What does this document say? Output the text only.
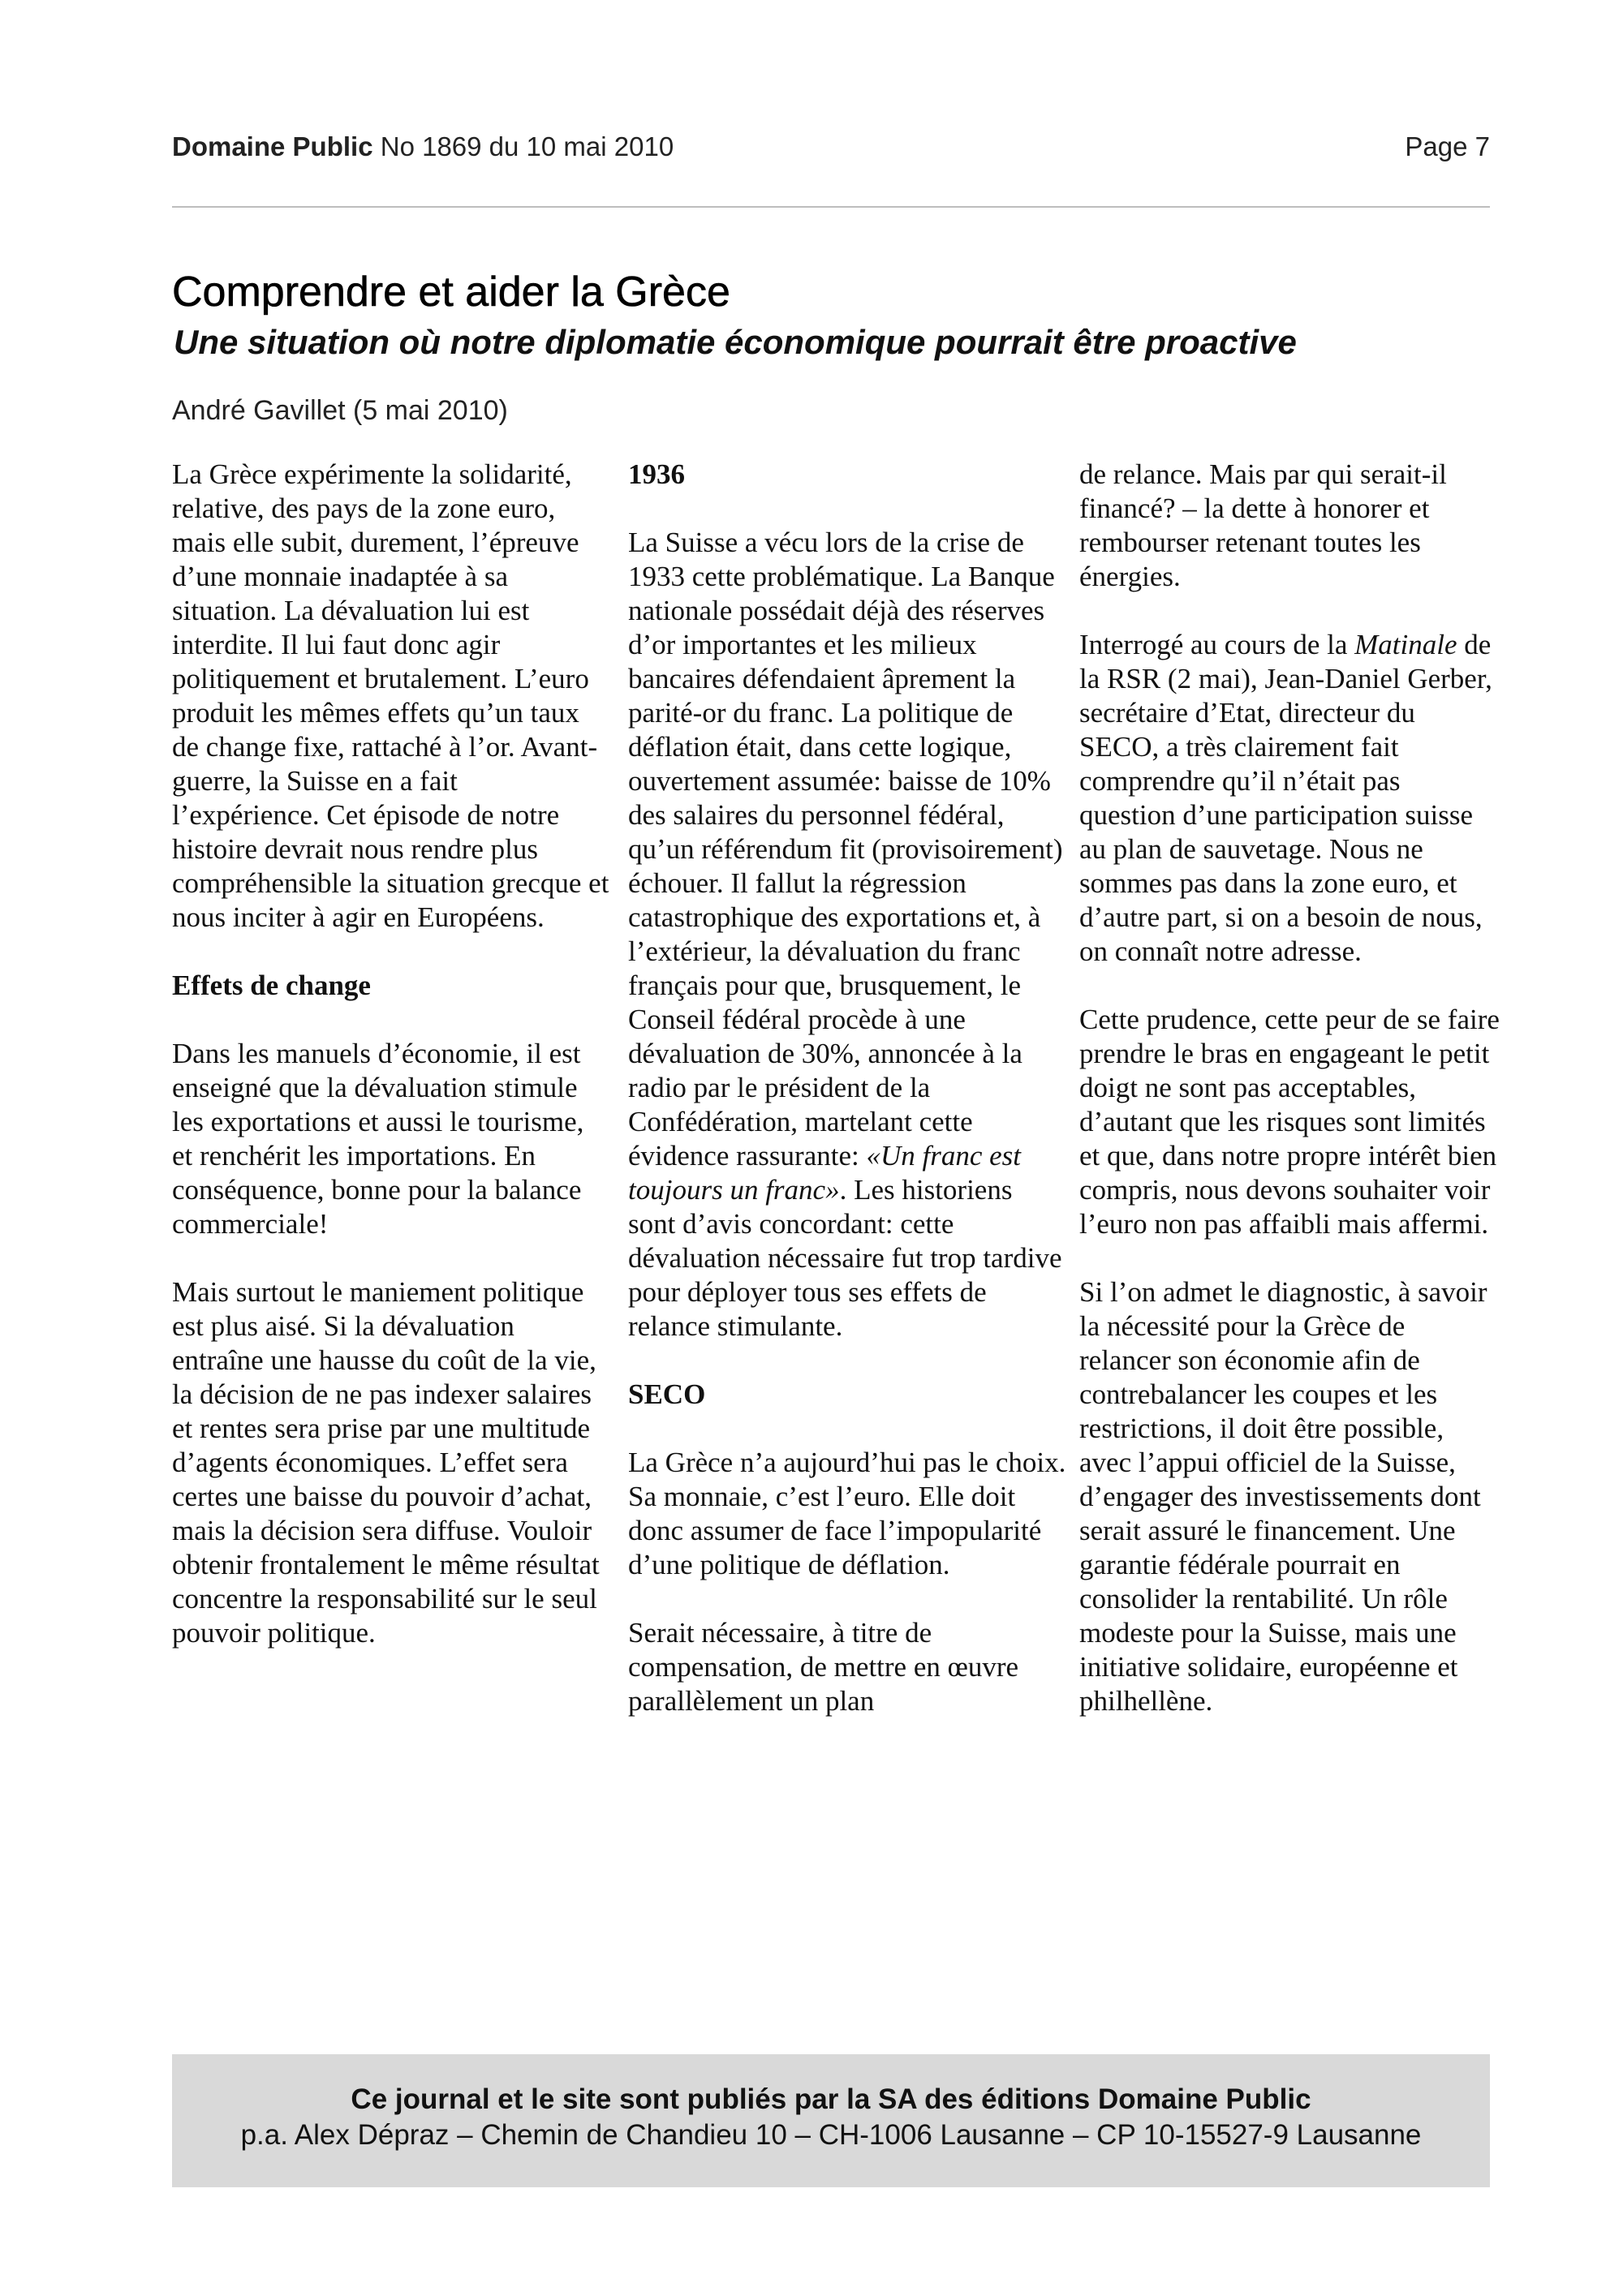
Domaine Public No 1869 du 10 mai 2010	Page 7
Comprendre et aider la Grèce
Une situation où notre diplomatie économique pourrait être proactive

André Gavillet (5 mai 2010)

La Grèce expérimente la solidarité, relative, des pays de la zone euro, mais elle subit, durement, l’épreuve d’une monnaie inadaptée à sa situation. La dévaluation lui est interdite. Il lui faut donc agir politiquement et brutalement. L’euro produit les mêmes effets qu’un taux de change fixe, rattaché à l’or. Avant-guerre, la Suisse en a fait l’expérience. Cet épisode de notre histoire devrait nous rendre plus compréhensible la situation grecque et nous inciter à agir en Européens.

Effets de change

Dans les manuels d’économie, il est enseigné que la dévaluation stimule les exportations et aussi le tourisme, et renchérit les importations. En conséquence, bonne pour la balance commerciale!

Mais surtout le maniement politique est plus aisé. Si la dévaluation entraîne une hausse du coût de la vie, la décision de ne pas indexer salaires et rentes sera prise par une multitude d’agents économiques. L’effet sera certes une baisse du pouvoir d’achat, mais la décision sera diffuse. Vouloir obtenir frontalement le même résultat concentre la responsabilité sur le seul pouvoir politique.

1936

La Suisse a vécu lors de la crise de 1933 cette problématique. La Banque nationale possédait déjà des réserves d’or importantes et les milieux bancaires défendaient âprement la parité-or du franc. La politique de déflation était, dans cette logique, ouvertement assumée: baisse de 10% des salaires du personnel fédéral, qu’un référendum fit (provisoirement) échouer. Il fallut la régression catastrophique des exportations et, à l’extérieur, la dévaluation du franc français pour que, brusquement, le Conseil fédéral procède à une dévaluation de 30%, annoncée à la radio par le président de la Confédération, martelant cette évidence rassurante: «Un franc est toujours un franc». Les historiens sont d’avis concordant: cette dévaluation nécessaire fut trop tardive pour déployer tous ses effets de relance stimulante.

SECO

La Grèce n’a aujourd’hui pas le choix. Sa monnaie, c’est l’euro. Elle doit donc assumer de face l’impopularité d’une politique de déflation.

Serait nécessaire, à titre de compensation, de mettre en œuvre parallèlement un plan

de relance. Mais par qui serait-il financé? – la dette à honorer et rembourser retenant toutes les énergies.

Interrogé au cours de la Matinale de la RSR (2 mai), Jean-Daniel Gerber, secrétaire d’Etat, directeur du SECO, a très clairement fait comprendre qu’il n’était pas question d’une participation suisse au plan de sauvetage. Nous ne sommes pas dans la zone euro, et d’autre part, si on a besoin de nous, on connaît notre adresse.

Cette prudence, cette peur de se faire prendre le bras en engageant le petit doigt ne sont pas acceptables, d’autant que les risques sont limités et que, dans notre propre intérêt bien compris, nous devons souhaiter voir l’euro non pas affaibli mais affermi.

Si l’on admet le diagnostic, à savoir la nécessité pour la Grèce de relancer son économie afin de contrebalancer les coupes et les restrictions, il doit être possible, avec l’appui officiel de la Suisse, d’engager des investissements dont serait assuré le financement. Une garantie fédérale pourrait en consolider la rentabilité. Un rôle modeste pour la Suisse, mais une initiative solidaire, européenne et philhellène.

Ce journal et le site sont publiés par la SA des éditions Domaine Public
p.a. Alex Dépraz – Chemin de Chandieu 10 – CH-1006 Lausanne – CP 10-15527-9 Lausanne
